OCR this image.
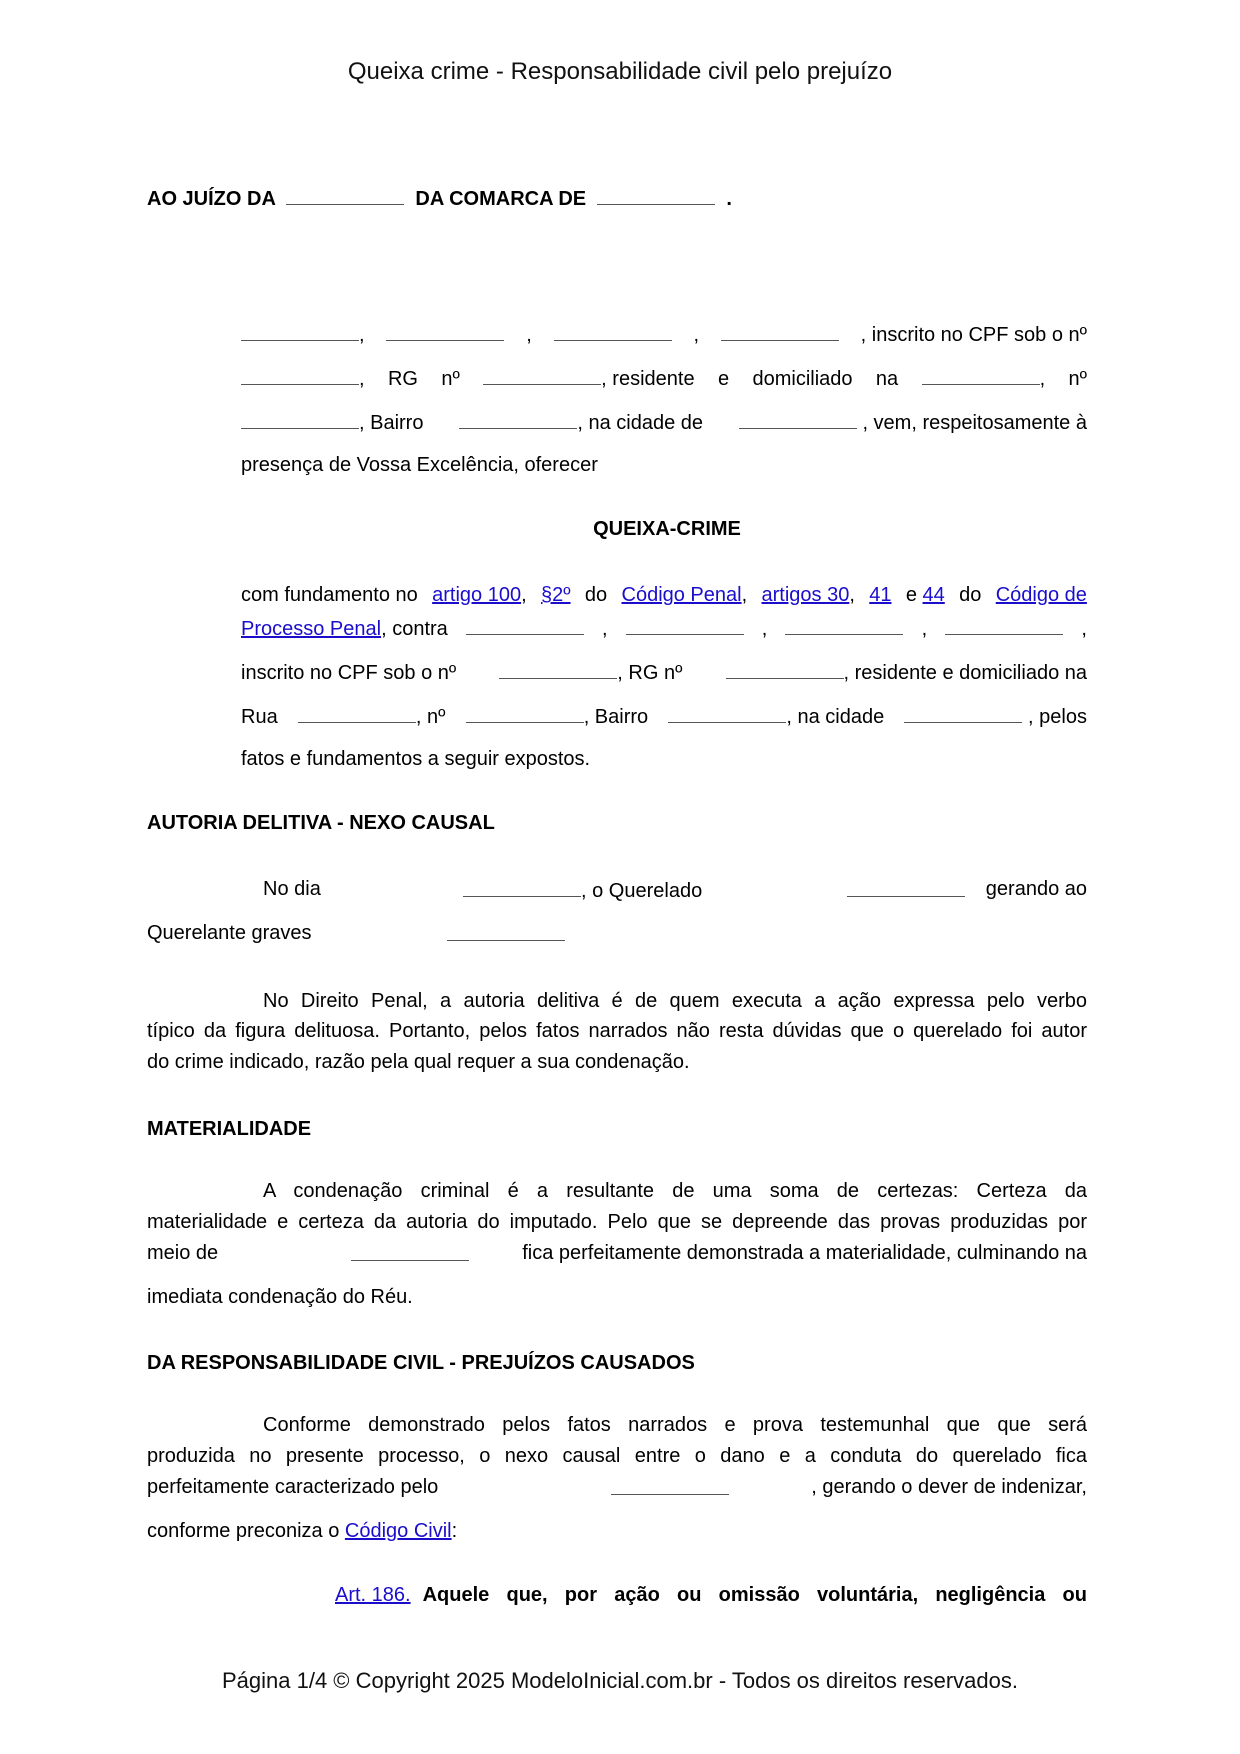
Queixa crime - Responsabilidade civil pelo prejuízo
AO JUÍZO DA	DA COMARCA DE	.
,	,	,	, inscrito no CPF sob o nº
, RG nº	, residente e domiciliado na	, nº
, Bairro	, na cidade de	, vem, respeitosamente à
presença de Vossa Excelência, oferecer
QUEIXA-CRIME
com fundamento no artigo 100, §2º do Código Penal, artigos 30, 41 e 44 do Código de
Processo Penal, contra	,	,	,	,
inscrito no CPF sob o nº	, RG nº	, residente e domiciliado na
Rua	, nº	, Bairro	, na cidade	, pelos
fatos e fundamentos a seguir expostos.
AUTORIA DELITIVA - NEXO CAUSAL
No dia	, o Querelado	gerando ao
Querelante graves
No Direito Penal, a autoria delitiva é de quem executa a ação expressa pelo verbo
típico da figura delituosa. Portanto, pelos fatos narrados não resta dúvidas que o querelado foi autor
do crime indicado, razão pela qual requer a sua condenação.
MATERIALIDADE
A condenação criminal é a resultante de uma soma de certezas: Certeza da
materialidade e certeza da autoria do imputado. Pelo que se depreende das provas produzidas por
meio de	fica perfeitamente demonstrada a materialidade, culminando na
imediata condenação do Réu.
DA RESPONSABILIDADE CIVIL - PREJUÍZOS CAUSADOS
Conforme demonstrado pelos fatos narrados e prova testemunhal que que será
produzida no presente processo, o nexo causal entre o dano e a conduta do querelado fica
perfeitamente caracterizado pelo	, gerando o dever de indenizar,
conforme preconiza o Código Civil:
Art. 186. Aquele que, por ação ou omissão voluntária, negligência ou
Página 1/4 © Copyright 2025 ModeloInicial.com.br - Todos os direitos reservados.
